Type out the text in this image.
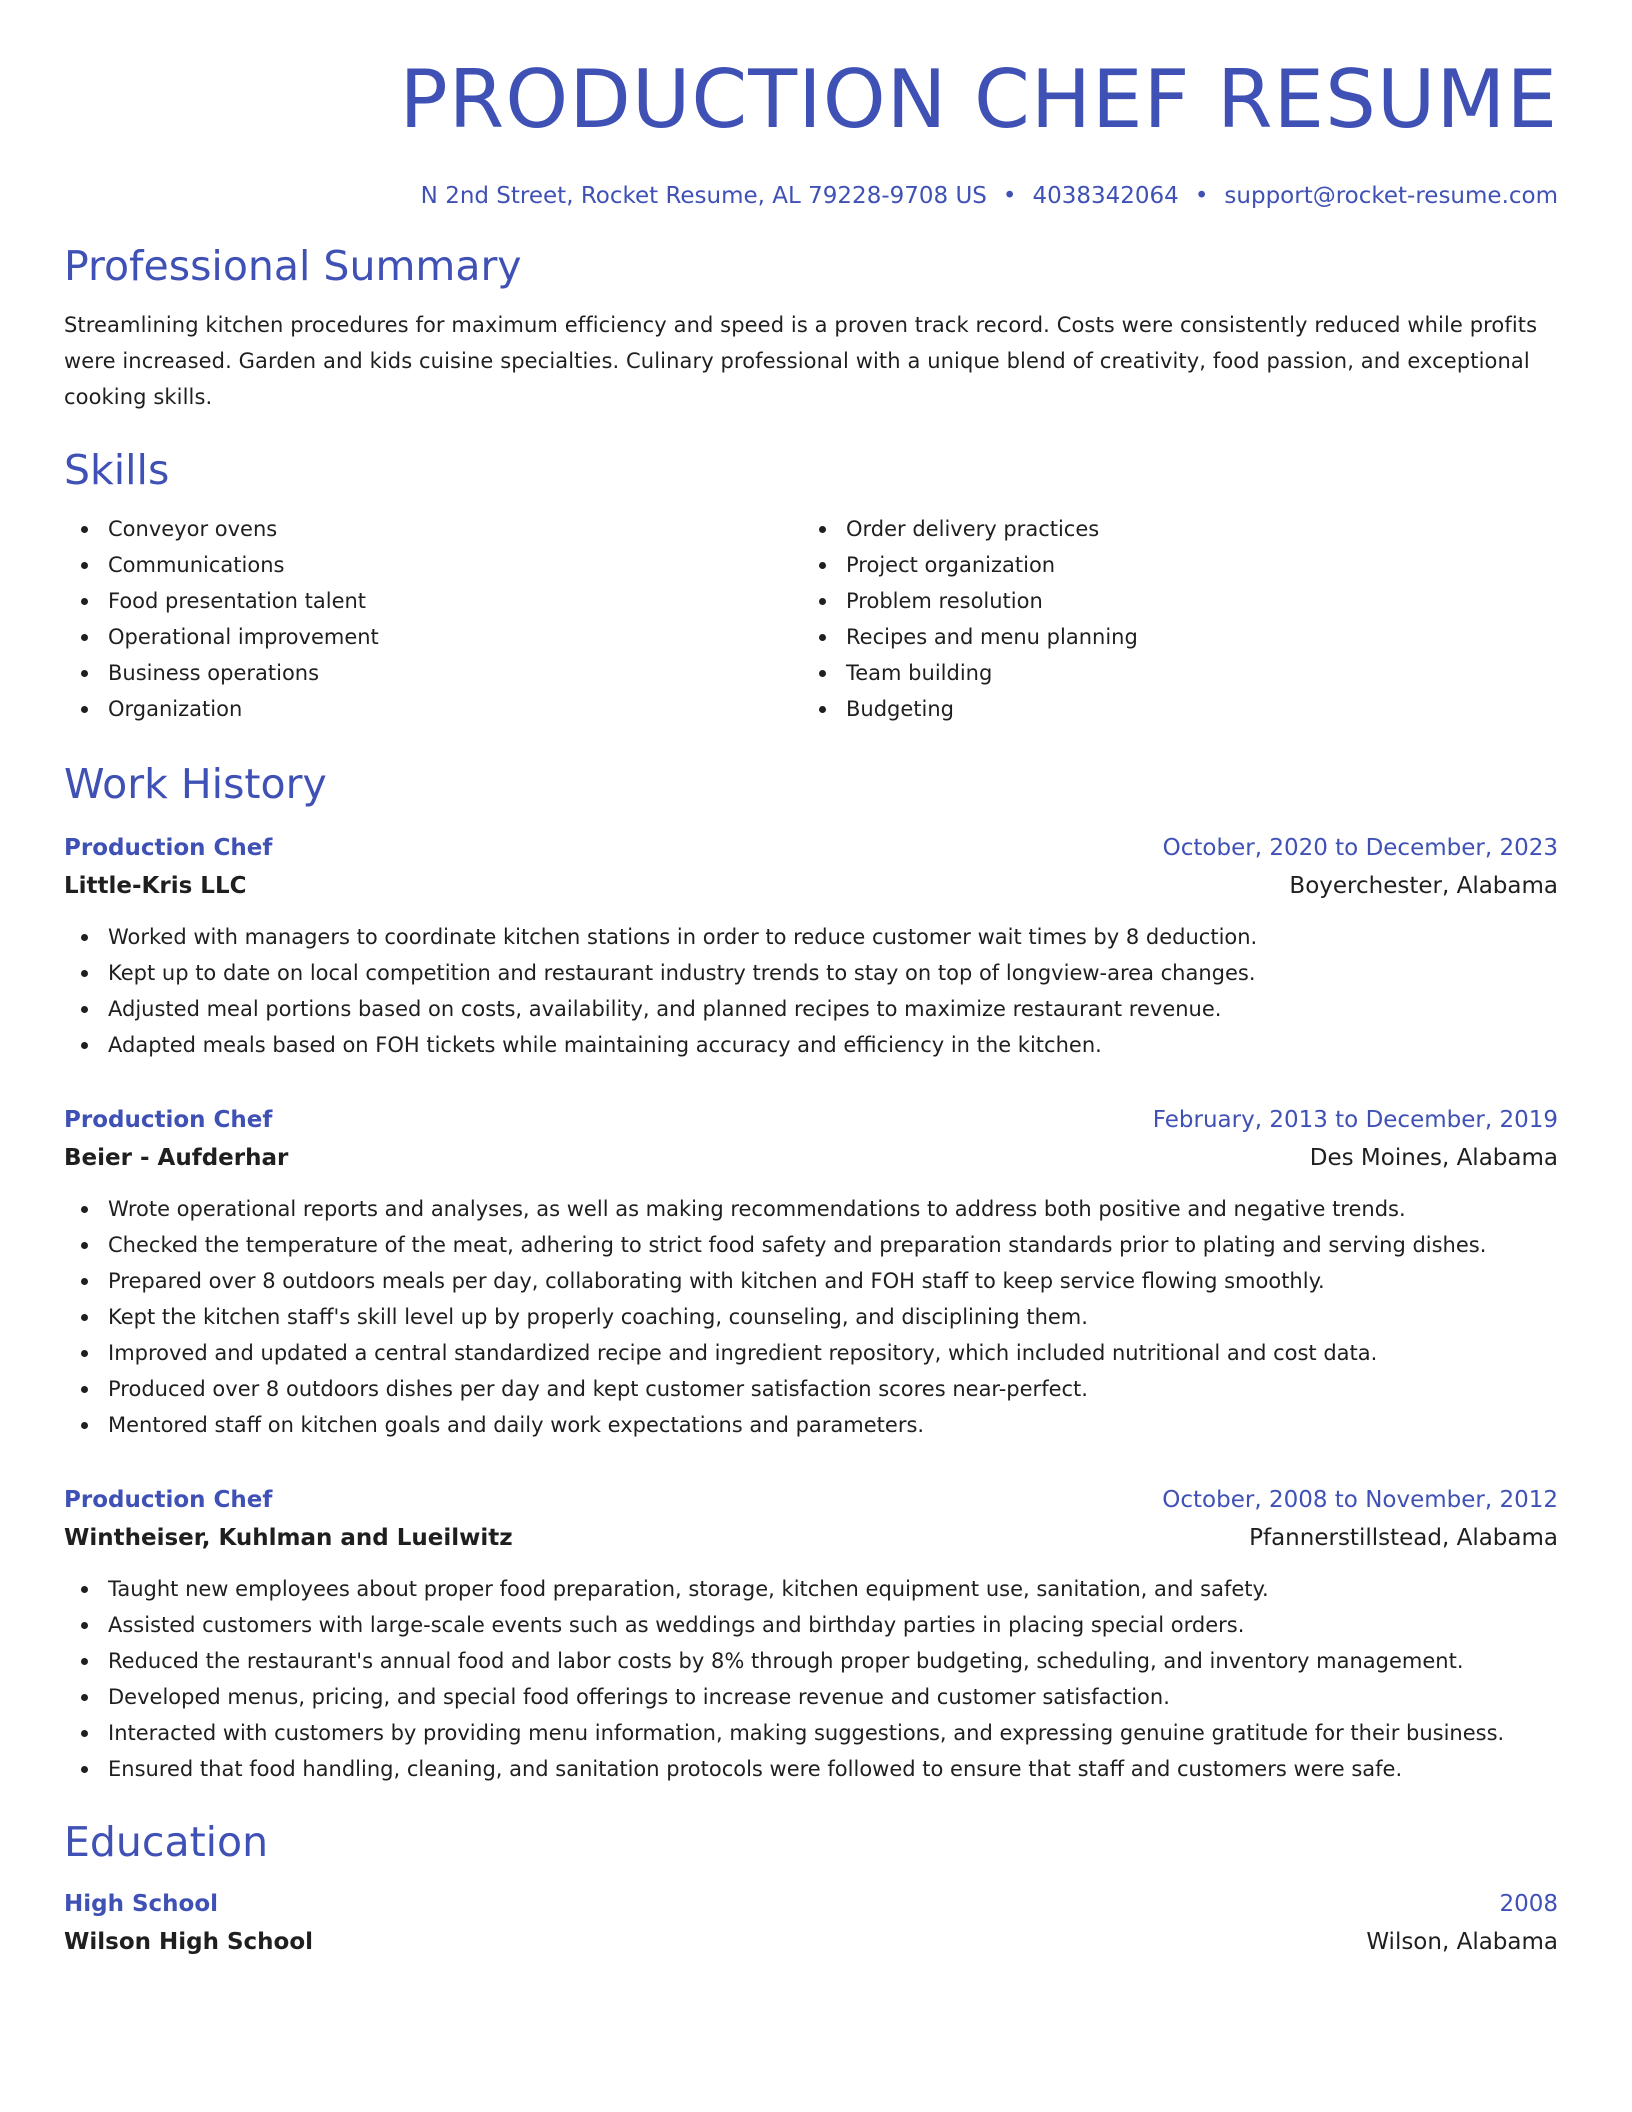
PRODUCTION CHEF RESUME
N 2nd Street, Rocket Resume, AL 79228-9708 US • 4038342064 • support@rocket-resume.com
Professional Summary
Streamlining kitchen procedures for maximum efficiency and speed is a proven track record. Costs were consistently reduced while profits were increased. Garden and kids cuisine specialties. Culinary professional with a unique blend of creativity, food passion, and exceptional cooking skills.
Skills
Conveyor ovens
Communications
Food presentation talent
Operational improvement
Business operations
Organization
Order delivery practices
Project organization
Problem resolution
Recipes and menu planning
Team building
Budgeting
Work History
Production Chef	October, 2020 to December, 2023
Little-Kris LLC	Boyerchester, Alabama
Worked with managers to coordinate kitchen stations in order to reduce customer wait times by 8 deduction.
Kept up to date on local competition and restaurant industry trends to stay on top of longview-area changes.
Adjusted meal portions based on costs, availability, and planned recipes to maximize restaurant revenue.
Adapted meals based on FOH tickets while maintaining accuracy and efficiency in the kitchen.
Production Chef	February, 2013 to December, 2019
Beier - Aufderhar	Des Moines, Alabama
Wrote operational reports and analyses, as well as making recommendations to address both positive and negative trends.
Checked the temperature of the meat, adhering to strict food safety and preparation standards prior to plating and serving dishes.
Prepared over 8 outdoors meals per day, collaborating with kitchen and FOH staff to keep service flowing smoothly.
Kept the kitchen staff's skill level up by properly coaching, counseling, and disciplining them.
Improved and updated a central standardized recipe and ingredient repository, which included nutritional and cost data.
Produced over 8 outdoors dishes per day and kept customer satisfaction scores near-perfect.
Mentored staff on kitchen goals and daily work expectations and parameters.
Production Chef	October, 2008 to November, 2012
Wintheiser, Kuhlman and Lueilwitz	Pfannerstillstead, Alabama
Taught new employees about proper food preparation, storage, kitchen equipment use, sanitation, and safety.
Assisted customers with large-scale events such as weddings and birthday parties in placing special orders.
Reduced the restaurant's annual food and labor costs by 8% through proper budgeting, scheduling, and inventory management.
Developed menus, pricing, and special food offerings to increase revenue and customer satisfaction.
Interacted with customers by providing menu information, making suggestions, and expressing genuine gratitude for their business.
Ensured that food handling, cleaning, and sanitation protocols were followed to ensure that staff and customers were safe.
Education
High School	2008
Wilson High School	Wilson, Alabama
